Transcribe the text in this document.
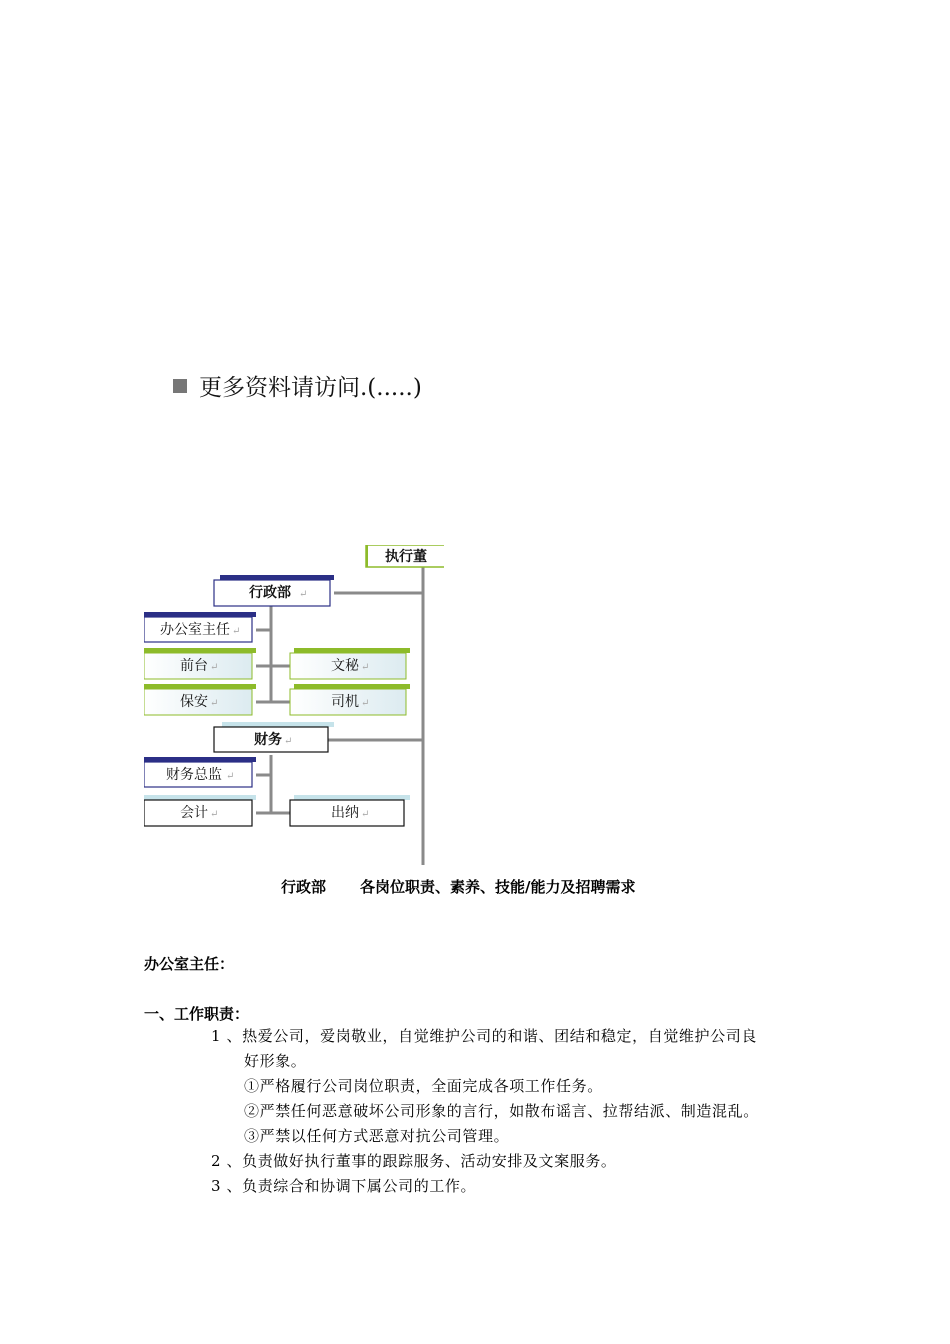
更多资料请访问.(.....)
执行董
行政部 ↵
办公室主任 ↵
前台 ↵	文秘 ↵
保安 ↵	司机 ↵
财务 ↵
财务总监 ↵
会计 ↵	出纳 ↵
行政部 各岗位职责、素养、技能/能力及招聘需求
办公室主任：
一、工作职责：
1 、热爱公司，爱岗敬业，自觉维护公司的和谐、团结和稳定，自觉维护公司良
好形象。
①严格履行公司岗位职责，全面完成各项工作任务。
②严禁任何恶意破坏公司形象的言行，如散布谣言、拉帮结派、制造混乱。
③严禁以任何方式恶意对抗公司管理。
2 、负责做好执行董事的跟踪服务、活动安排及文案服务。
3 、负责综合和协调下属公司的工作。
